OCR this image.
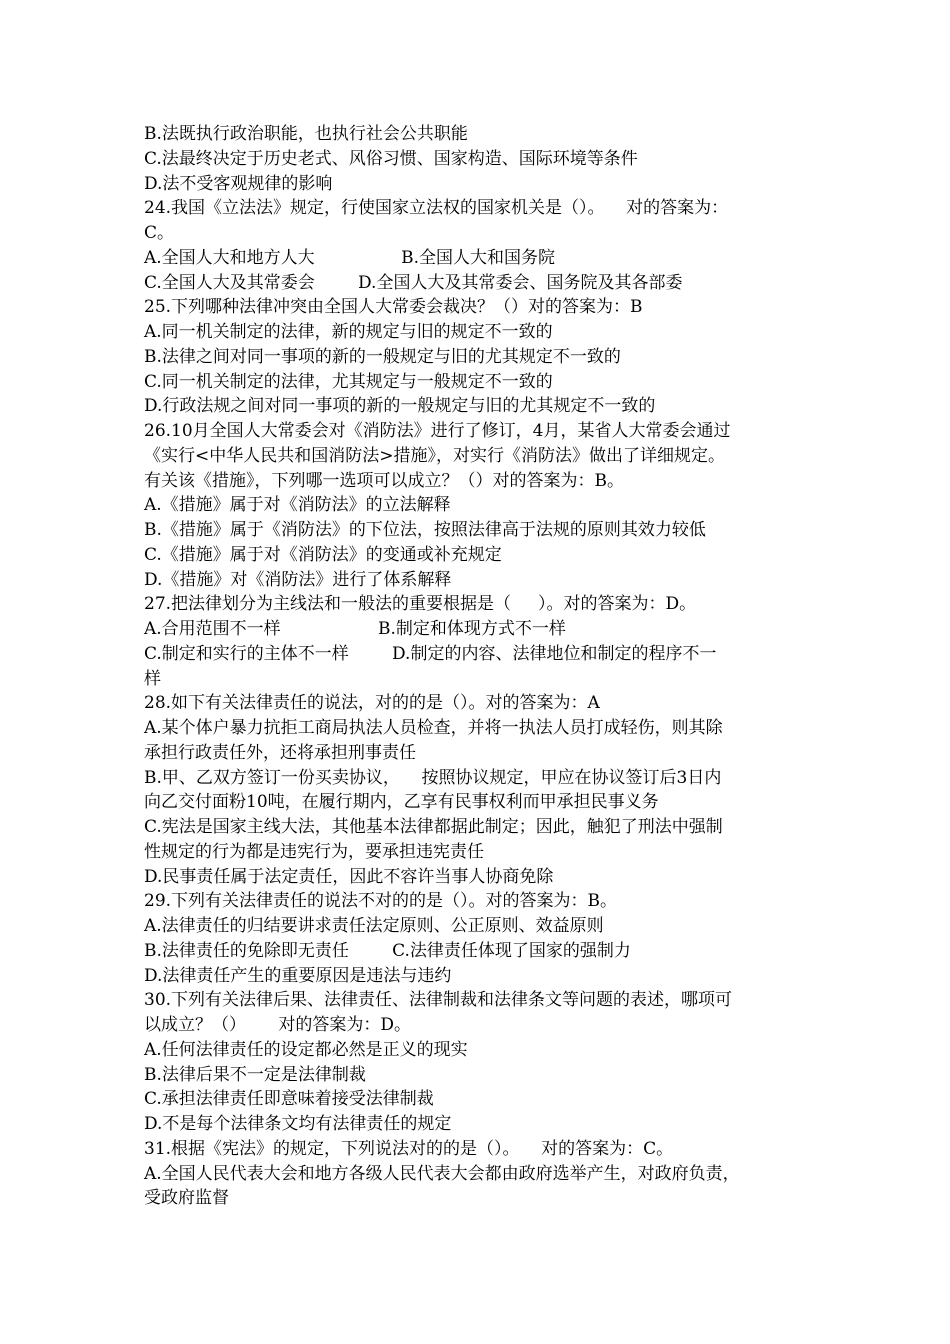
B.法既执行政治职能，也执行社会公共职能
C.法最终决定于历史老式、风俗习惯、国家构造、国际环境等条件
D.法不受客观规律的影响
24.我国《立法法》规定，行使国家立法权的国家机关是（）。    对的答案为：
C。
A.全国人大和地方人大                B.全国人大和国务院
C.全国人大及其常委会        D.全国人大及其常委会、国务院及其各部委
25.下列哪种法律冲突由全国人大常委会裁决？（）对的答案为：B
A.同一机关制定的法律，新的规定与旧的规定不一致的
B.法律之间对同一事项的新的一般规定与旧的尤其规定不一致的
C.同一机关制定的法律，尤其规定与一般规定不一致的
D.行政法规之间对同一事项的新的一般规定与旧的尤其规定不一致的
26.10月全国人大常委会对《消防法》进行了修订，4月，某省人大常委会通过
《实行<中华人民共和国消防法>措施》，对实行《消防法》做出了详细规定。
有关该《措施》，下列哪一选项可以成立？（）对的答案为：B。
A.《措施》属于对《消防法》的立法解释
B.《措施》属于《消防法》的下位法，按照法律高于法规的原则其效力较低
C.《措施》属于对《消防法》的变通或补充规定
D.《措施》对《消防法》进行了体系解释
27.把法律划分为主线法和一般法的重要根据是（     ）。对的答案为：D。
A.合用范围不一样                  B.制定和体现方式不一样
C.制定和实行的主体不一样        D.制定的内容、法律地位和制定的程序不一
样
28.如下有关法律责任的说法，对的的是（）。对的答案为：A
A.某个体户暴力抗拒工商局执法人员检查，并将一执法人员打成轻伤，则其除
承担行政责任外，还将承担刑事责任
B.甲、乙双方签订一份买卖协议，    按照协议规定，甲应在协议签订后3日内
向乙交付面粉10吨，在履行期内，乙享有民事权利而甲承担民事义务
C.宪法是国家主线大法，其他基本法律都据此制定；因此，触犯了刑法中强制
性规定的行为都是违宪行为，要承担违宪责任
D.民事责任属于法定责任，因此不容许当事人协商免除
29.下列有关法律责任的说法不对的的是（）。对的答案为：B。
A.法律责任的归结要讲求责任法定原则、公正原则、效益原则
B.法律责任的免除即无责任        C.法律责任体现了国家的强制力
D.法律责任产生的重要原因是违法与违约
30.下列有关法律后果、法律责任、法律制裁和法律条文等问题的表述，哪项可
以成立？（）      对的答案为：D。
A.任何法律责任的设定都必然是正义的现实
B.法律后果不一定是法律制裁
C.承担法律责任即意味着接受法律制裁
D.不是每个法律条文均有法律责任的规定
31.根据《宪法》的规定，下列说法对的的是（）。    对的答案为：C。
A.全国人民代表大会和地方各级人民代表大会都由政府选举产生，对政府负责，
受政府监督
